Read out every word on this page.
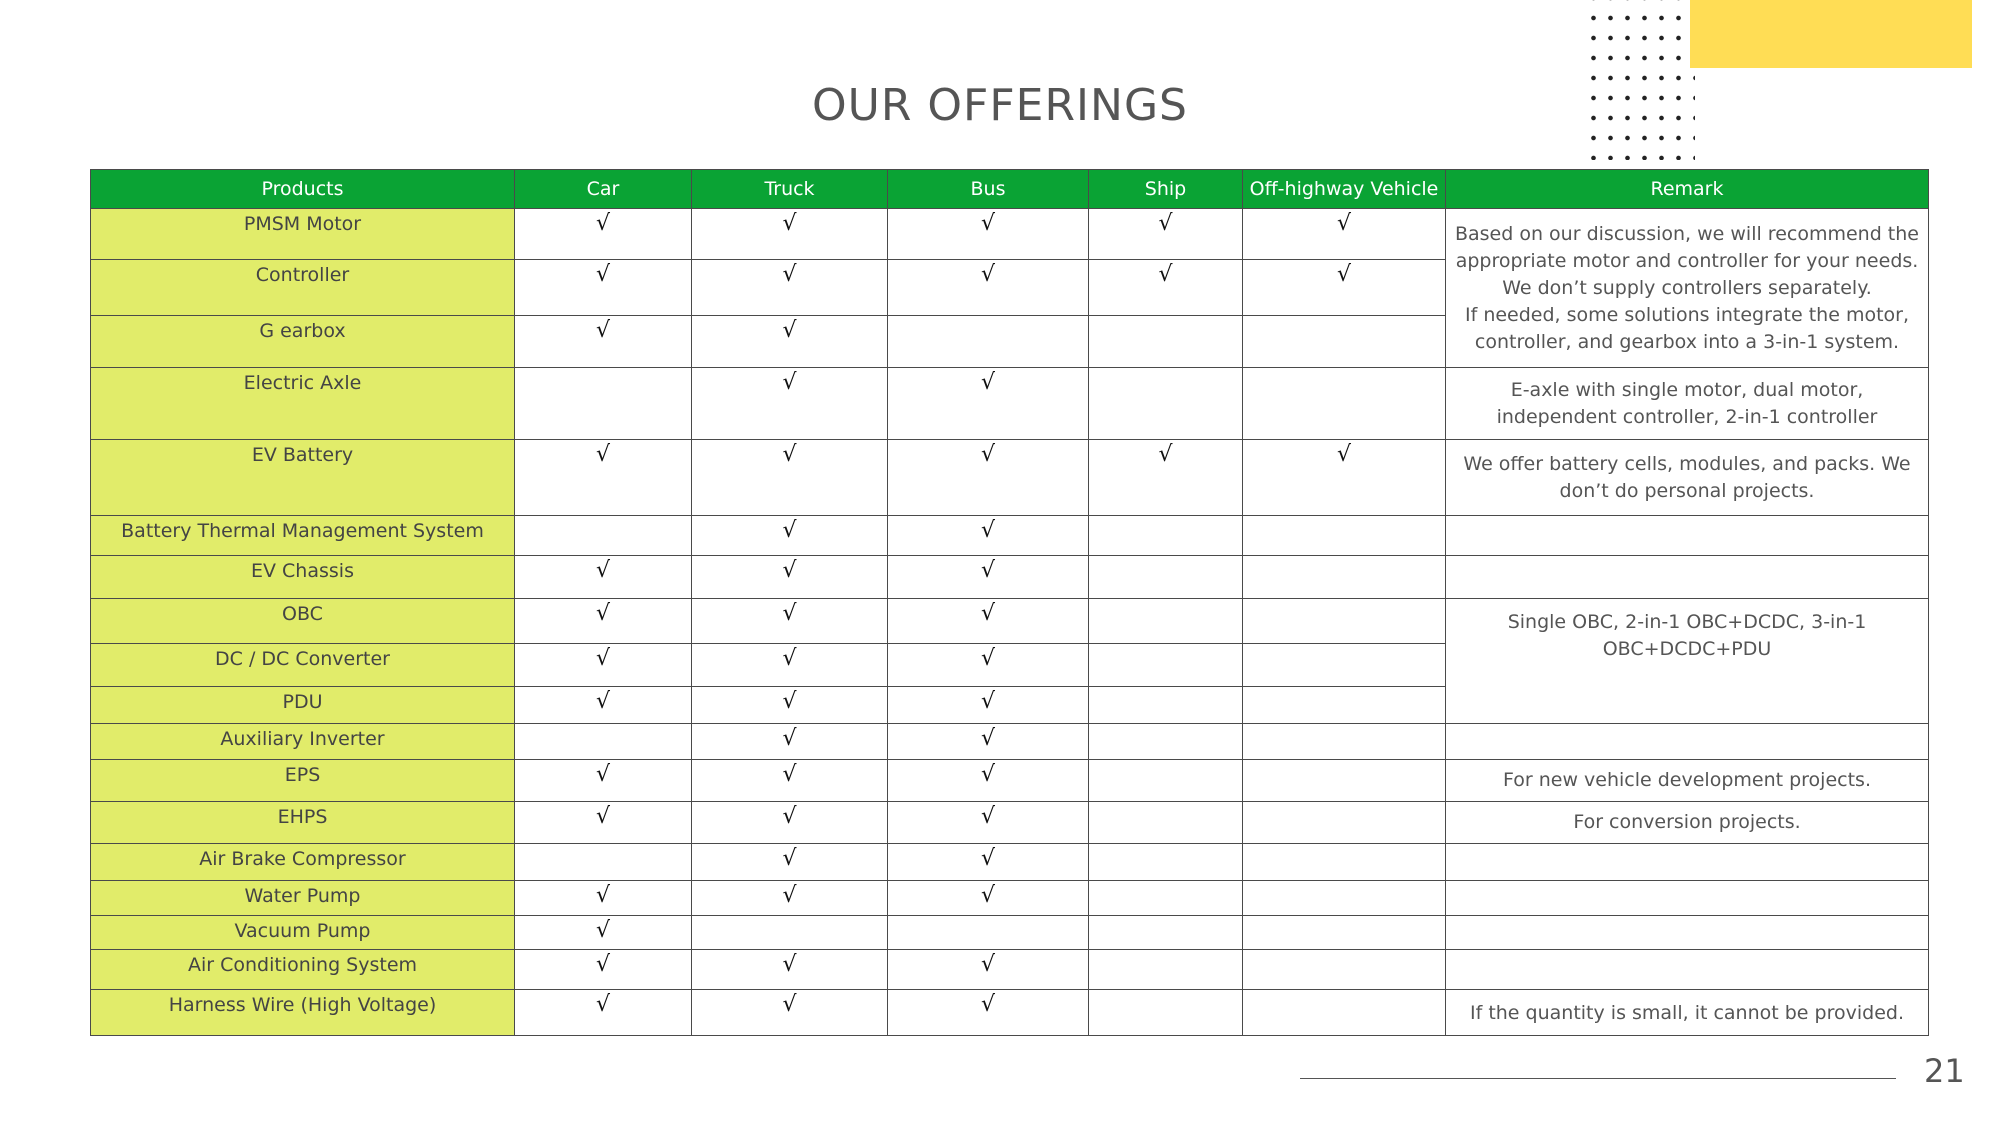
OUR OFFERINGS
Products	Car	Truck	Bus	Ship	Off-highway Vehicle	Remark
PMSM Motor	√	√	√	√	√	Based on our discussion, we will recommend the appropriate motor and controller for your needs.
We don’t supply controllers separately.
If needed, some solutions integrate the motor, controller, and gearbox into a 3-in-1 system.

Controller	√	√	√	√	√	
G earbox	√	√				
Electric Axle		√	√			E-axle with single motor, dual motor, independent controller, 2-in-1 controller
EV Battery	√	√	√	√	√	We offer battery cells, modules, and packs. We don’t do personal projects.
Battery Thermal Management System		√	√			
EV Chassis	√	√	√			
OBC	√	√	√			Single OBC, 2-in-1 OBC+DCDC, 3-in-1 OBC+DCDC+PDU
DC / DC Converter	√	√	√			
PDU	√	√	√			
Auxiliary Inverter		√	√			
EPS	√	√	√			For new vehicle development projects.
EHPS	√	√	√			For conversion projects.
Air Brake Compressor		√	√			
Water Pump	√	√	√			
Vacuum Pump	√					
Air Conditioning System	√	√	√			
Harness Wire (High Voltage)	√	√	√			If the quantity is small, it cannot be provided.
21
